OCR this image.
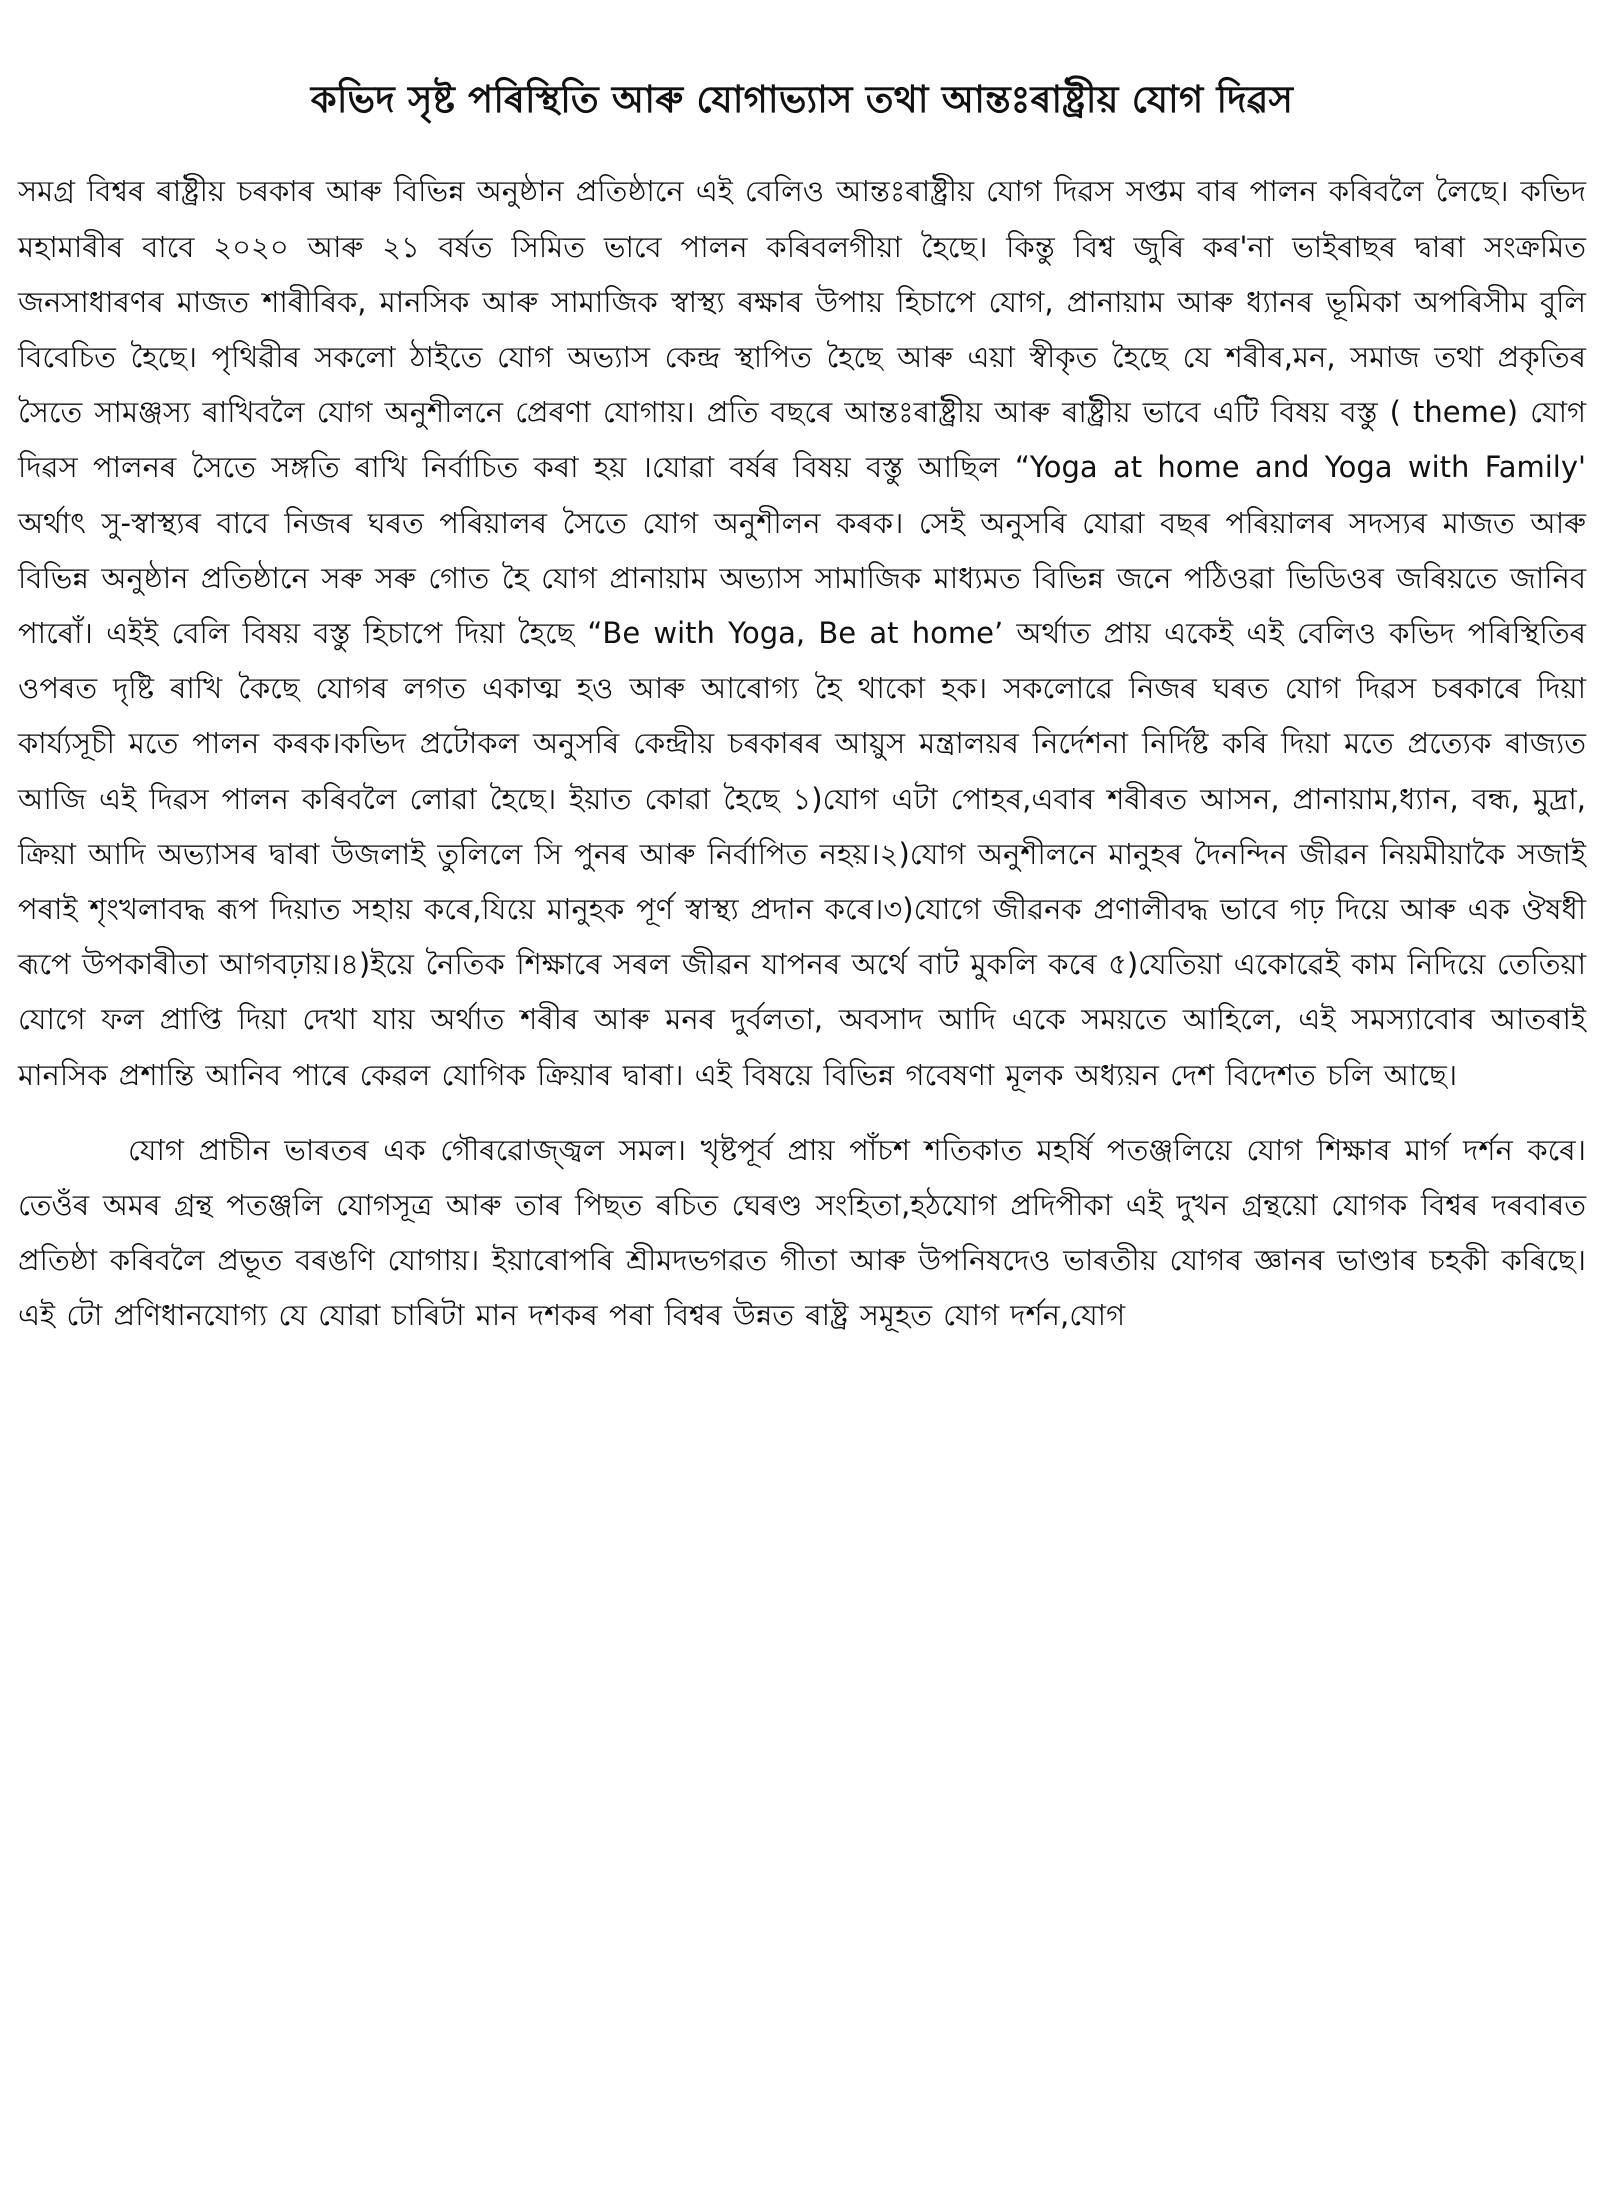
কভিদ সৃষ্ট পৰিস্থিতি আৰু যোগাভ্যাস তথা আন্তঃৰাষ্ট্ৰীয় যোগ দিৱস

সমগ্ৰ বিশ্বৰ ৰাষ্ট্ৰীয় চৰকাৰ আৰু বিভিন্ন অনুষ্ঠান প্ৰতিষ্ঠানে এই বেলিও আন্তঃৰাষ্ট্ৰীয় যোগ দিৱস সপ্তম বাৰ পালন কৰিবলৈ লৈছে। কভিদ মহামাৰীৰ বাবে ২০২০ আৰু ২১ বৰ্ষত সিমিত ভাবে পালন কৰিবলগীয়া হৈছে। কিন্তু বিশ্ব জুৰি কৰ'না ভাইৰাছৰ দ্বাৰা সংক্ৰমিত জনসাধাৰণৰ মাজত শাৰীৰিক, মানসিক আৰু সামাজিক স্বাস্থ্য ৰক্ষাৰ উপায় হিচাপে যোগ, প্ৰানায়াম আৰু ধ্যানৰ ভূমিকা অপৰিসীম বুলি বিবেচিত হৈছে। পৃথিৱীৰ সকলো ঠাইতে যোগ অভ্যাস কেন্দ্ৰ স্থাপিত হৈছে আৰু এয়া স্বীকৃত হৈছে যে শৰীৰ,মন, সমাজ তথা প্ৰকৃতিৰ সৈতে সামঞ্জস্য ৰাখিবলৈ যোগ অনুশীলনে প্ৰেৰণা যোগায়। প্ৰতি বছৰে আন্তঃৰাষ্ট্ৰীয় আৰু ৰাষ্ট্ৰীয় ভাবে এটি বিষয় বস্তু ( theme) যোগ দিৱস পালনৰ সৈতে সঙ্গতি ৰাখি নিৰ্বাচিত কৰা হয় ।যোৱা বৰ্ষৰ বিষয় বস্তু আছিল “Yoga at home and Yoga with Family' অৰ্থাৎ সু-স্বাস্থ্যৰ বাবে নিজৰ ঘৰত পৰিয়ালৰ সৈতে যোগ অনুশীলন কৰক। সেই অনুসৰি যোৱা বছৰ পৰিয়ালৰ সদস্যৰ মাজত আৰু বিভিন্ন অনুষ্ঠান প্ৰতিষ্ঠানে সৰু সৰু গোত হৈ যোগ প্ৰানায়াম অভ্যাস সামাজিক মাধ্যমত বিভিন্ন জনে পঠিওৱা ভিডিওৰ জৰিয়তে জানিব পাৰোঁ। এইই বেলি বিষয় বস্তু হিচাপে দিয়া হৈছে “Be with Yoga, Be at home’ অৰ্থাত প্ৰায় একেই এই বেলিও কভিদ পৰিস্থিতিৰ ওপৰত দৃষ্টি ৰাখি কৈছে যোগৰ লগত একাত্ম হও আৰু আৰোগ্য হৈ থাকো হক। সকলোৱে নিজৰ ঘৰত যোগ দিৱস চৰকাৰে দিয়া কাৰ্য্যসূচী মতে পালন কৰক।কভিদ প্ৰটোকল অনুসৰি কেন্দ্ৰীয় চৰকাৰৰ আয়ুস মন্ত্ৰালয়ৰ নিৰ্দেশনা নিৰ্দিষ্ট কৰি দিয়া মতে প্ৰত্যেক ৰাজ্যত আজি এই দিৱস পালন কৰিবলৈ লোৱা হৈছে। ইয়াত কোৱা হৈছে ১)যোগ এটা পোহৰ,এবাৰ শৰীৰত আসন, প্ৰানায়াম,ধ্যান, বন্ধ, মুদ্ৰা, ক্ৰিয়া আদি অভ্যাসৰ দ্বাৰা উজলাই তুলিলে সি পুনৰ আৰু নিৰ্বাপিত নহয়।২)যোগ অনুশীলনে মানুহৰ দৈনন্দিন জীৱন নিয়মীয়াকৈ সজাই পৰাই শৃংখলাবদ্ধ ৰূপ দিয়াত সহায় কৰে,যিয়ে মানুহক পূৰ্ণ স্বাস্থ্য প্ৰদান কৰে।৩)যোগে জীৱনক প্ৰণালীবদ্ধ ভাবে গঢ় দিয়ে আৰু এক ঔষধী ৰূপে উপকাৰীতা আগবঢ়ায়।৪)ইয়ে নৈতিক শিক্ষাৰে সৰল জীৱন যাপনৰ অৰ্থে বাট মুকলি কৰে ৫)যেতিয়া একোৱেই কাম নিদিয়ে তেতিয়া যোগে ফল প্ৰাপ্তি দিয়া দেখা যায় অৰ্থাত শৰীৰ আৰু মনৰ দুৰ্বলতা, অবসাদ আদি একে সময়তে আহিলে, এই সমস্যাবোৰ আতৰাই মানসিক প্ৰশান্তি আনিব পাৰে কেৱল যোগিক ক্ৰিয়াৰ দ্বাৰা। এই বিষয়ে বিভিন্ন গবেষণা মূলক অধ্যয়ন দেশ বিদেশত চলি আছে।

যোগ প্ৰাচীন ভাৰতৰ এক গৌৰৱোজ্জ্বল সমল। খৃষ্টপূৰ্ব প্ৰায় পাঁচশ শতিকাত মহৰ্ষি পতঞ্জলিয়ে যোগ শিক্ষাৰ মাৰ্গ দৰ্শন কৰে। তেওঁৰ অমৰ গ্ৰন্থ পতঞ্জলি যোগসূত্ৰ আৰু তাৰ পিছত ৰচিত ঘেৰণ্ড সংহিতা,হঠযোগ প্ৰদিপীকা এই দুখন গ্ৰন্থয়ো যোগক বিশ্বৰ দৰবাৰত প্ৰতিষ্ঠা কৰিবলৈ প্ৰভূত বৰঙণি যোগায়। ইয়াৰোপৰি শ্ৰীমদভগৱত গীতা আৰু উপনিষদেও ভাৰতীয় যোগৰ জ্ঞানৰ ভাণ্ডাৰ চহকী কৰিছে। এই টো প্ৰণিধানযোগ্য যে যোৱা চাৰিটা মান দশকৰ পৰা বিশ্বৰ উন্নত ৰাষ্ট্ৰ সমূহত যোগ দৰ্শন,যোগ
